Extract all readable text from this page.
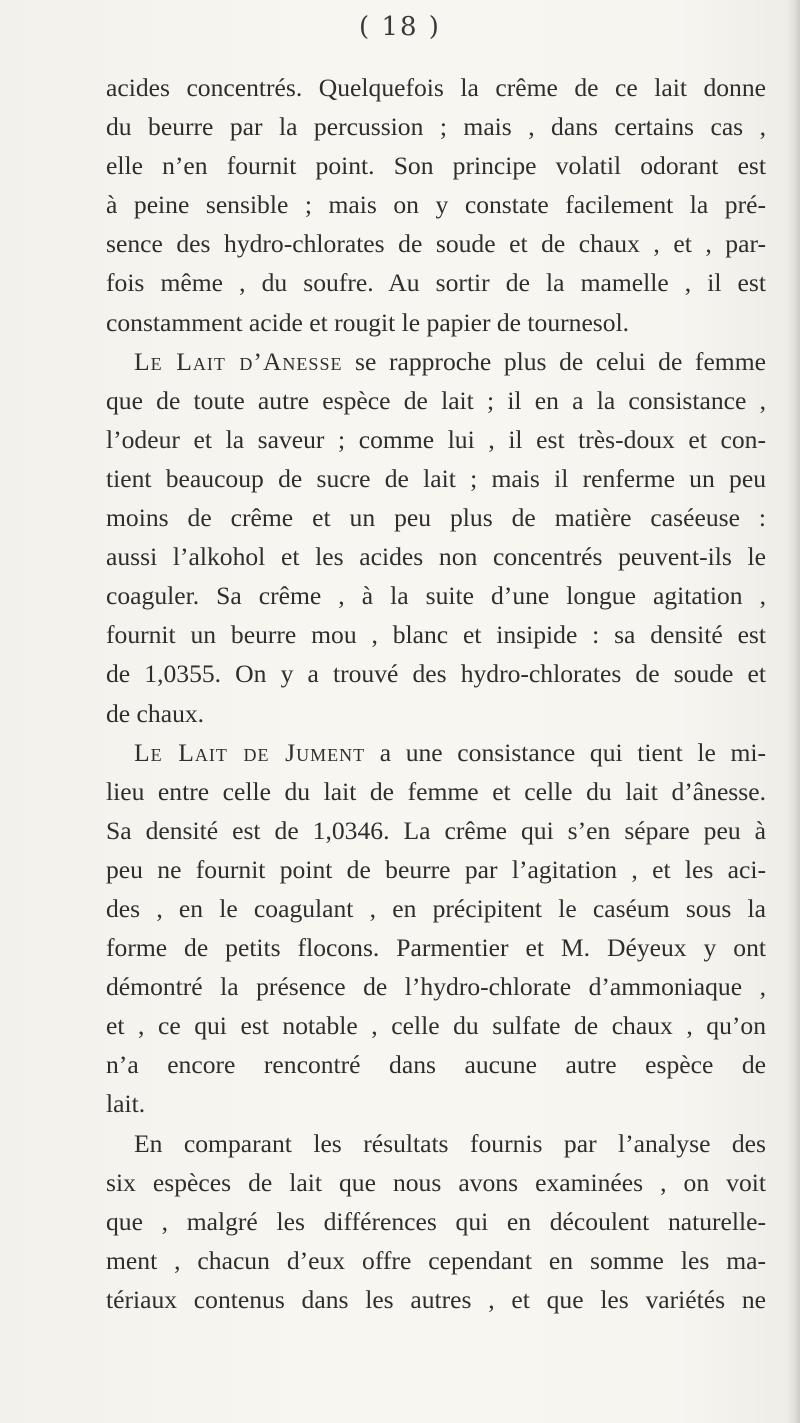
( 18 )

acides concentrés. Quelquefois la crême de ce lait donne
du beurre par la percussion ; mais , dans certains cas ,
elle n’en fournit point. Son principe volatil odorant est
à peine sensible ; mais on y constate facilement la pré-
sence des hydro-chlorates de soude et de chaux , et , par-
fois même , du soufre. Au sortir de la mamelle , il est
constamment acide et rougit le papier de tournesol.

Le Lait d’Anesse se rapproche plus de celui de femme
que de toute autre espèce de lait ; il en a la consistance ,
l’odeur et la saveur ; comme lui , il est très-doux et con-
tient beaucoup de sucre de lait ; mais il renferme un peu
moins de crême et un peu plus de matière caséeuse :
aussi l’alkohol et les acides non concentrés peuvent-ils le
coaguler. Sa crême , à la suite d’une longue agitation ,
fournit un beurre mou , blanc et insipide : sa densité est
de 1,0355. On y a trouvé des hydro-chlorates de soude et
de chaux.

Le Lait de Jument a une consistance qui tient le mi-
lieu entre celle du lait de femme et celle du lait d’ânesse.
Sa densité est de 1,0346. La crême qui s’en sépare peu à
peu ne fournit point de beurre par l’agitation , et les aci-
des , en le coagulant , en précipitent le caséum sous la
forme de petits flocons. Parmentier et M. Déyeux y ont
démontré la présence de l’hydro-chlorate d’ammoniaque ,
et , ce qui est notable , celle du sulfate de chaux , qu’on
n’a encore rencontré dans aucune autre espèce de
lait.

En comparant les résultats fournis par l’analyse des
six espèces de lait que nous avons examinées , on voit
que , malgré les différences qui en découlent naturelle-
ment , chacun d’eux offre cependant en somme les ma-
tériaux contenus dans les autres , et que les variétés ne
